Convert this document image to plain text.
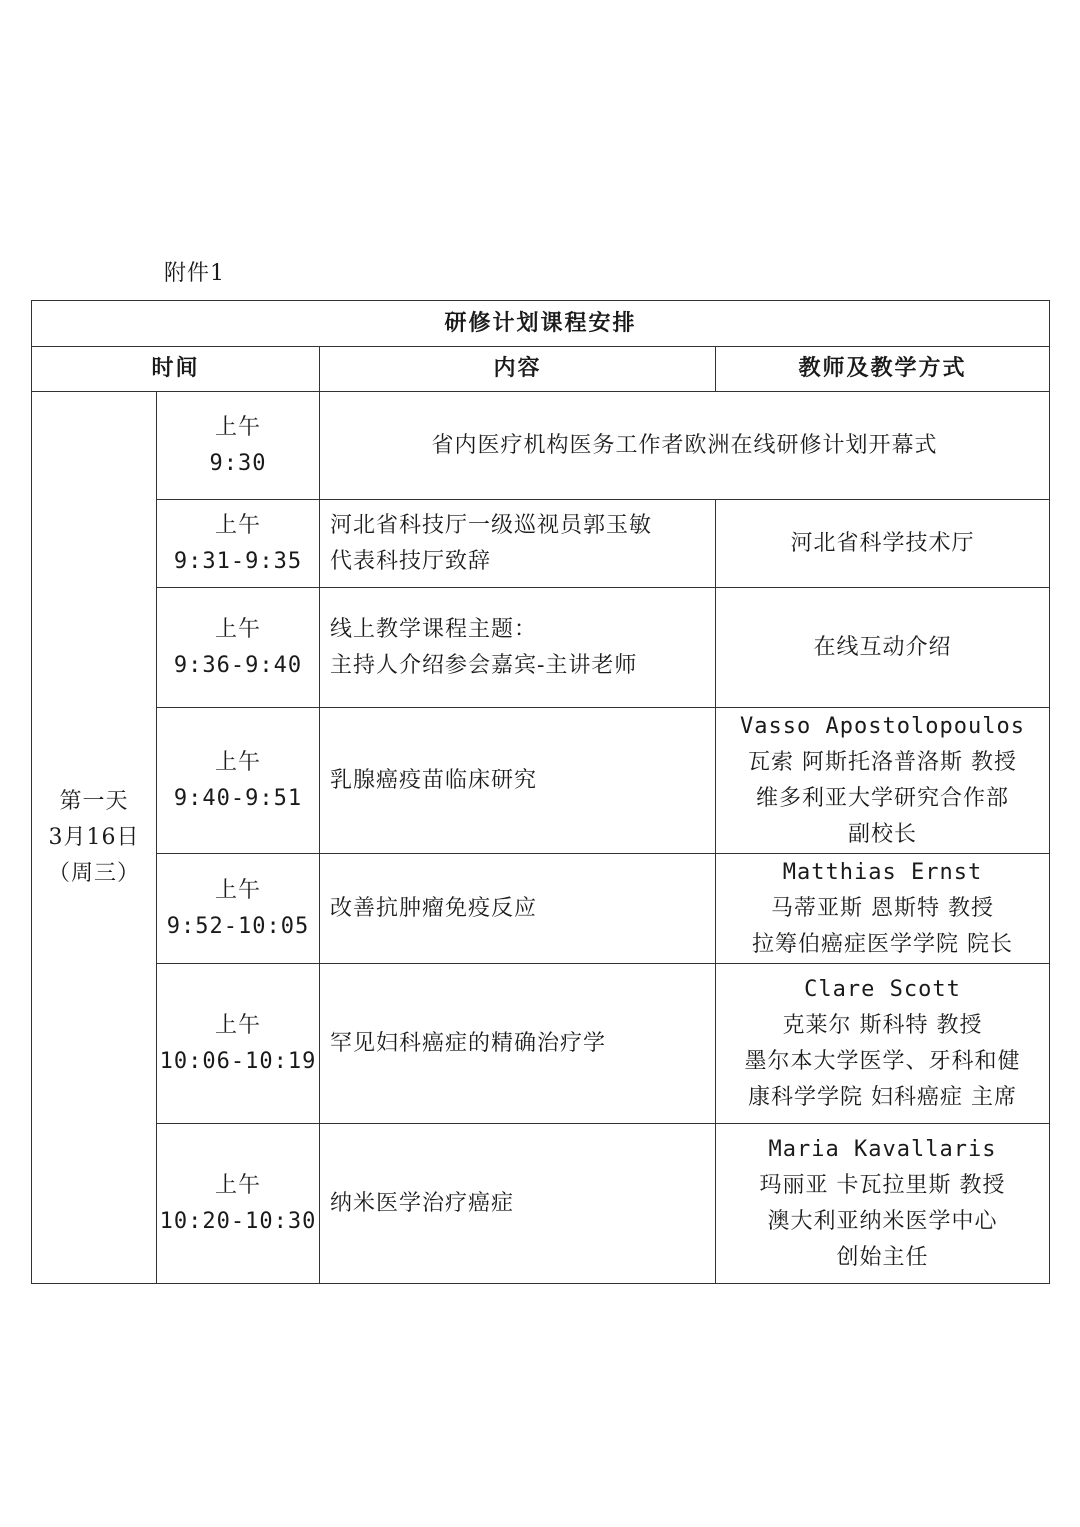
附件1
研修计划课程安排			
时间		内容	教师及教学方式

第一天
3月16日
（周三）	上午
9:30	省内医疗机构医务工作者欧洲在线研修计划开幕式	

	上午
9:31-9:35	河北省科技厅一级巡视员郭玉敏
代表科技厅致辞	河北省科学技术厅

	上午
9:36-9:40	线上教学课程主题：
主持人介绍参会嘉宾-主讲老师	在线互动介绍

	上午
9:40-9:51	乳腺癌疫苗临床研究	Vasso Apostolopoulos
瓦索 阿斯托洛普洛斯 教授
维多利亚大学研究合作部
副校长

	上午
9:52-10:05	改善抗肿瘤免疫反应	Matthias Ernst
马蒂亚斯 恩斯特 教授
拉筹伯癌症医学学院 院长

	上午
10:06-10:19	罕见妇科癌症的精确治疗学	Clare Scott
克莱尔 斯科特 教授
墨尔本大学医学、牙科和健
康科学学院 妇科癌症 主席

	上午
10:20-10:30	纳米医学治疗癌症	Maria Kavallaris
玛丽亚 卡瓦拉里斯 教授
澳大利亚纳米医学中心
创始主任
